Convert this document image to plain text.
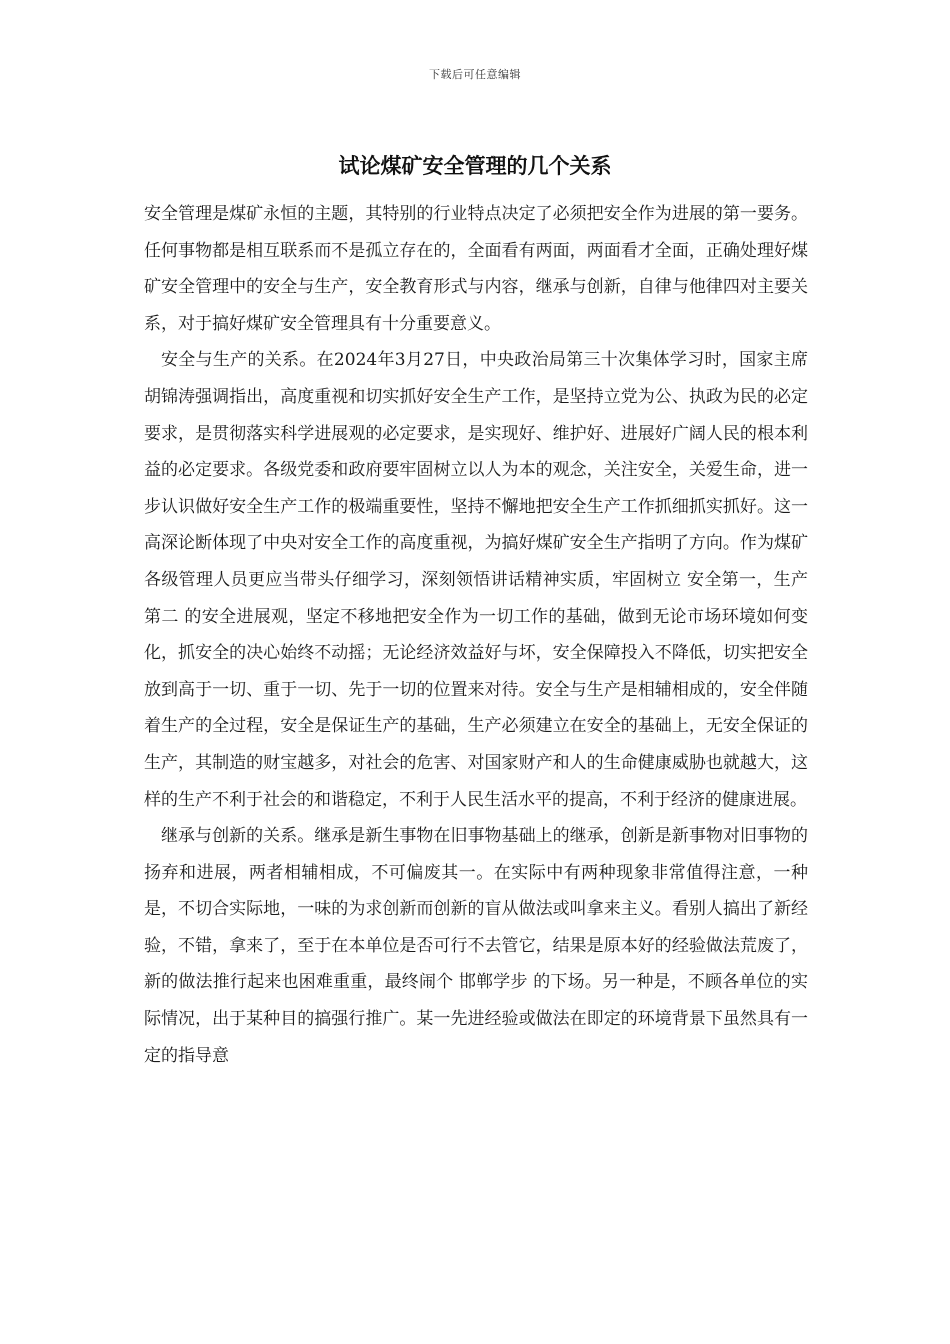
下载后可任意编辑
试论煤矿安全管理的几个关系

安全管理是煤矿永恒的主题，其特别的行业特点决定了必须把安全作为进展的第一要务。任何事物都是相互联系而不是孤立存在的，全面看有两面，两面看才全面，正确处理好煤矿安全管理中的安全与生产，安全教育形式与内容，继承与创新，自律与他律四对主要关系，对于搞好煤矿安全管理具有十分重要意义。

安全与生产的关系。在2024年3月27日，中央政治局第三十次集体学习时，国家主席胡锦涛强调指出，高度重视和切实抓好安全生产工作，是坚持立党为公、执政为民的必定要求，是贯彻落实科学进展观的必定要求，是实现好、维护好、进展好广阔人民的根本利益的必定要求。各级党委和政府要牢固树立以人为本的观念，关注安全，关爱生命，进一步认识做好安全生产工作的极端重要性，坚持不懈地把安全生产工作抓细抓实抓好。这一高深论断体现了中央对安全工作的高度重视，为搞好煤矿安全生产指明了方向。作为煤矿各级管理人员更应当带头仔细学习，深刻领悟讲话精神实质，牢固树立 安全第一，生产第二 的安全进展观，坚定不移地把安全作为一切工作的基础，做到无论市场环境如何变化，抓安全的决心始终不动摇；无论经济效益好与坏，安全保障投入不降低，切实把安全放到高于一切、重于一切、先于一切的位置来对待。安全与生产是相辅相成的，安全伴随着生产的全过程，安全是保证生产的基础，生产必须建立在安全的基础上，无安全保证的生产，其制造的财宝越多，对社会的危害、对国家财产和人的生命健康威胁也就越大，这样的生产不利于社会的和谐稳定，不利于人民生活水平的提高，不利于经济的健康进展。

继承与创新的关系。继承是新生事物在旧事物基础上的继承，创新是新事物对旧事物的扬弃和进展，两者相辅相成，不可偏废其一。在实际中有两种现象非常值得注意，一种是，不切合实际地，一味的为求创新而创新的盲从做法或叫拿来主义。看别人搞出了新经验，不错，拿来了，至于在本单位是否可行不去管它，结果是原本好的经验做法荒废了，新的做法推行起来也困难重重，最终闹个 邯郸学步 的下场。另一种是，不顾各单位的实际情况，出于某种目的搞强行推广。某一先进经验或做法在即定的环境背景下虽然具有一定的指导意
